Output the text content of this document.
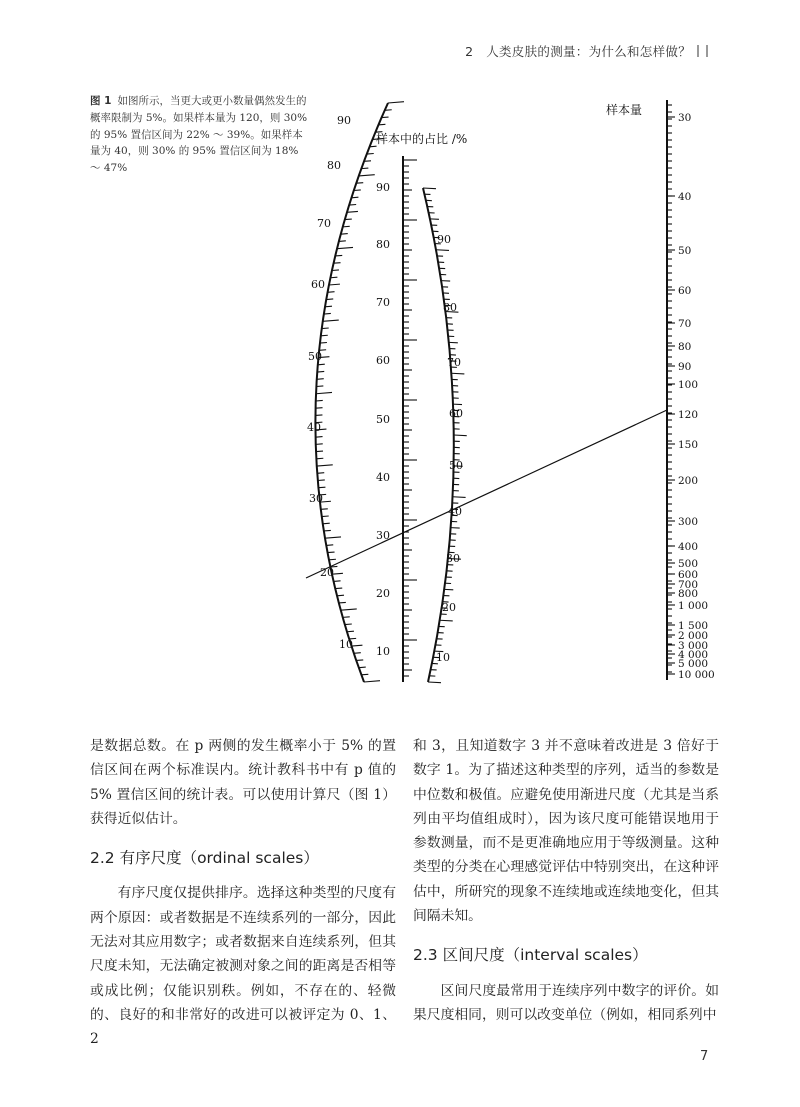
2　人类皮肤的测量：为什么和怎样做？
图 1 如图所示，当更大或更小数量偶然发生的概率限制为 5%。如果样本量为 120，则 30% 的 95% 置信区间为 22% ～ 39%。如果样本量为 40，则 30% 的 95% 置信区间为 18% ～ 47%
样本中的占比 /%
样本量
90
80
70
60
50
40
30
20
10
90
80
70
60
50
40
30
20
10
90
80
70
60
50
40
30
20
10
30
40
50
60
70
80
90
100
120
150
200
300
400
500
600
700
800
1 000
1 500
2 000
3 000
4 000
5 000
10 000

是数据总数。在 p 两侧的发生概率小于 5% 的置信区间在两个标准误内。统计教科书中有 p 值的 5% 置信区间的统计表。可以使用计算尺（图 1）获得近似估计。

2.2 有序尺度（ordinal scales）

有序尺度仅提供排序。选择这种类型的尺度有两个原因：或者数据是不连续系列的一部分，因此无法对其应用数字；或者数据来自连续系列，但其尺度未知，无法确定被测对象之间的距离是否相等或成比例；仅能识别秩。例如，不存在的、轻微的、良好的和非常好的改进可以被评定为 0、1、2

和 3，且知道数字 3 并不意味着改进是 3 倍好于数字 1。为了描述这种类型的序列，适当的参数是中位数和极值。应避免使用渐进尺度（尤其是当系列由平均值组成时），因为该尺度可能错误地用于参数测量，而不是更准确地应用于等级测量。这种类型的分类在心理感觉评估中特别突出，在这种评估中，所研究的现象不连续地或连续地变化，但其间隔未知。

2.3 区间尺度（interval scales）

区间尺度最常用于连续序列中数字的评价。如果尺度相同，则可以改变单位（例如，相同系列中

7
